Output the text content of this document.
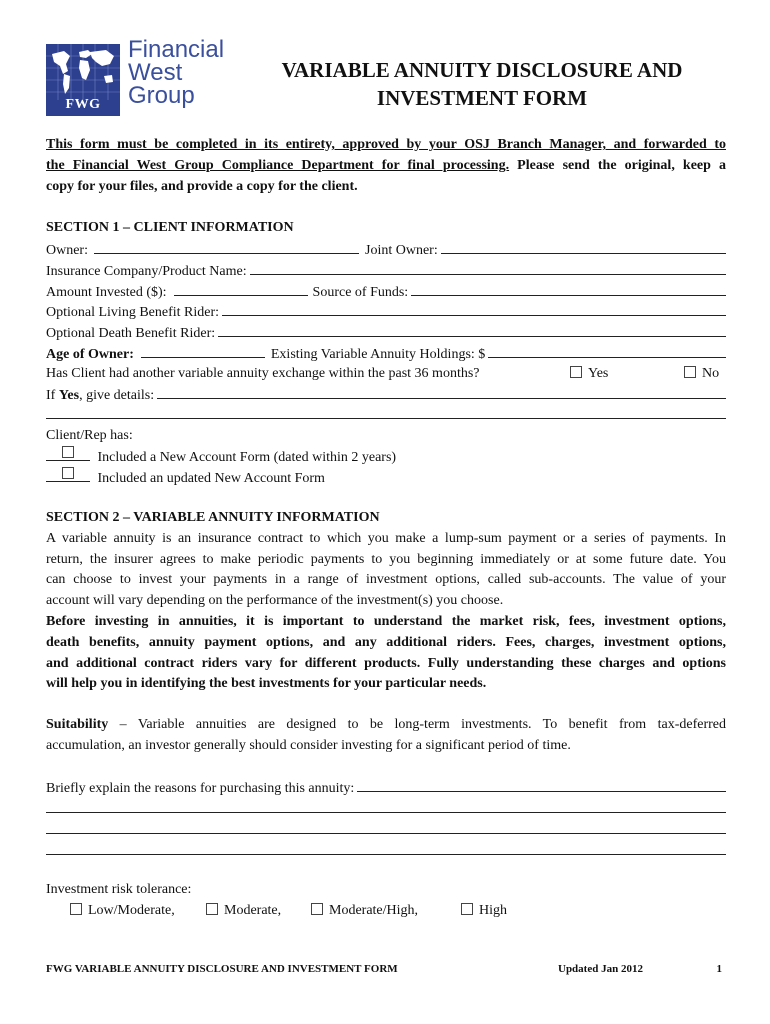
FWG
Financial
West
Group
VARIABLE ANNUITY DISCLOSURE AND
INVESTMENT FORM
This form must be completed in its entirety, approved by your OSJ Branch Manager, and forwarded to
the Financial West Group Compliance Department for final processing. Please send the original, keep a
copy for your files, and provide a copy for the client.
SECTION 1 – CLIENT INFORMATION
Owner:	Joint Owner:
Insurance Company/Product Name:
Amount Invested ($):	Source of Funds:
Optional Living Benefit Rider:
Optional Death Benefit Rider:
Age of Owner:	Existing Variable Annuity Holdings: $
Has Client had another variable annuity exchange within the past 36 months?	Yes	No
If Yes, give details:
Client/Rep has:
Included a New Account Form (dated within 2 years)
Included an updated New Account Form
SECTION 2 – VARIABLE ANNUITY INFORMATION
A variable annuity is an insurance contract to which you make a lump-sum payment or a series of payments. In
return, the insurer agrees to make periodic payments to you beginning immediately or at some future date. You
can choose to invest your payments in a range of investment options, called sub-accounts. The value of your
account will vary depending on the performance of the investment(s) you choose.
Before investing in annuities, it is important to understand the market risk, fees, investment options,
death benefits, annuity payment options, and any additional riders. Fees, charges, investment options,
and additional contract riders vary for different products. Fully understanding these charges and options
will help you in identifying the best investments for your particular needs.
Suitability – Variable annuities are designed to be long-term investments. To benefit from tax-deferred
accumulation, an investor generally should consider investing for a significant period of time.
Briefly explain the reasons for purchasing this annuity:
Investment risk tolerance:
Low/Moderate,	Moderate,	Moderate/High,	High
FWG VARIABLE ANNUITY DISCLOSURE AND INVESTMENT FORM	Updated Jan 2012	1
